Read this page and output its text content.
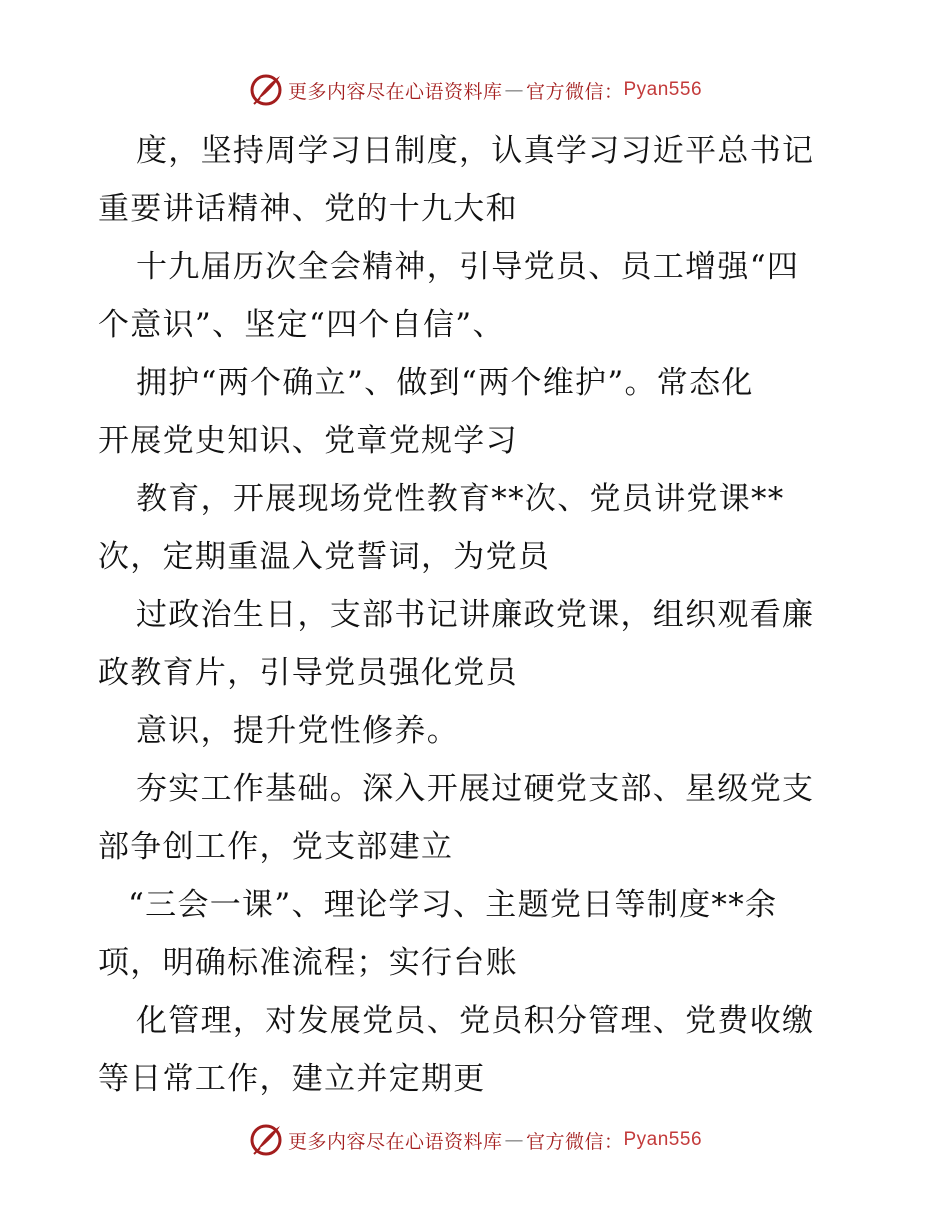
更多内容尽在心语资料库 — 官方微信： Pyan556
度，坚持周学习日制度，认真学习习近平总书记
重要讲话精神、党的十九大和
十九届历次全会精神，引导党员、员工增强“四
个意识”、坚定“四个自信”、
拥护“两个确立”、做到“两个维护”。常态化
开展党史知识、党章党规学习
教育，开展现场党性教育**次、党员讲党课**
次，定期重温入党誓词，为党员
过政治生日，支部书记讲廉政党课，组织观看廉
政教育片，引导党员强化党员
意识，提升党性修养。
夯实工作基础。深入开展过硬党支部、星级党支
部争创工作，党支部建立
“三会一课”、理论学习、主题党日等制度**余
项，明确标准流程；实行台账
化管理，对发展党员、党员积分管理、党费收缴
等日常工作，建立并定期更
更多内容尽在心语资料库 — 官方微信： Pyan556
